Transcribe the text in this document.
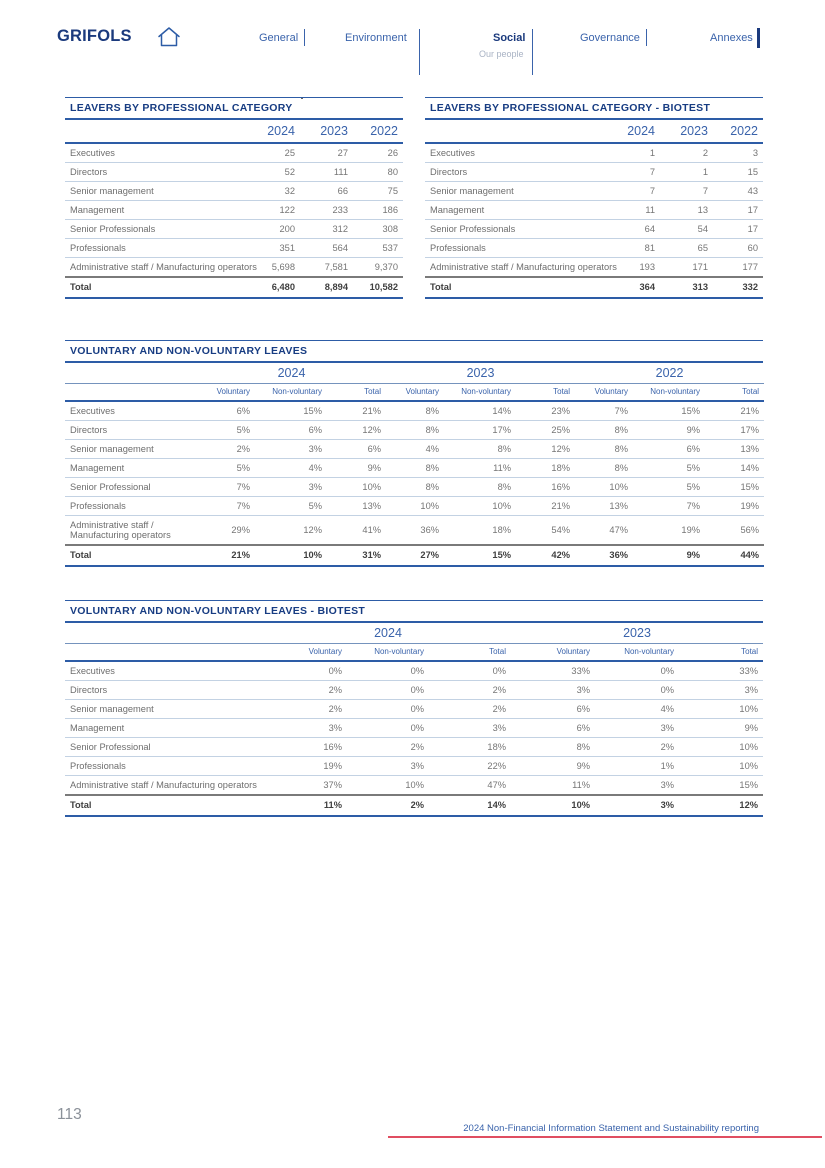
GRIFOLS	General	Environment	Social
Our people
Governance	Annexes
LEAVERS BY PROFESSIONAL CATEGORY
	2024	2023	2022
Executives	25	27	26
Directors	52	111	80
Senior management	32	66	75
Management	122	233	186
Senior Professionals	200	312	308
Professionals	351	564	537
Administrative staff / Manufacturing operators	5,698	7,581	9,370
Total	6,480	8,894	10,582
LEAVERS BY PROFESSIONAL CATEGORY - BIOTEST
	2024	2023	2022
Executives	1	2	3
Directors	7	1	15
Senior management	7	7	43
Management	11	13	17
Senior Professionals	64	54	17
Professionals	81	65	60
Administrative staff / Manufacturing operators	193	171	177
Total	364	313	332
VOLUNTARY AND NON-VOLUNTARY LEAVES
	2024			2023			2022		
	Voluntary	Non-voluntary	Total	Voluntary	Non-voluntary	Total	Voluntary	Non-voluntary	Total
Executives	6%	15%	21%	8%	14%	23%	7%	15%	21%
Directors	5%	6%	12%	8%	17%	25%	8%	9%	17%
Senior management	2%	3%	6%	4%	8%	12%	8%	6%	13%
Management	5%	4%	9%	8%	11%	18%	8%	5%	14%
Senior Professional	7%	3%	10%	8%	8%	16%	10%	5%	15%
Professionals	7%	5%	13%	10%	10%	21%	13%	7%	19%
Administrative staff / Manufacturing operators	29%	12%	41%	36%	18%	54%	47%	19%	56%
Total	21%	10%	31%	27%	15%	42%	36%	9%	44%
VOLUNTARY AND NON-VOLUNTARY LEAVES - BIOTEST
	2024			2023		
	Voluntary	Non-voluntary	Total	Voluntary	Non-voluntary	Total
Executives	0%	0%	0%	33%	0%	33%
Directors	2%	0%	2%	3%	0%	3%
Senior management	2%	0%	2%	6%	4%	10%
Management	3%	0%	3%	6%	3%	9%
Senior Professional	16%	2%	18%	8%	2%	10%
Professionals	19%	3%	22%	9%	1%	10%
Administrative staff / Manufacturing operators	37%	10%	47%	11%	3%	15%
Total	11%	2%	14%	10%	3%	12%
113
2024 Non-Financial Information Statement and Sustainability reporting
